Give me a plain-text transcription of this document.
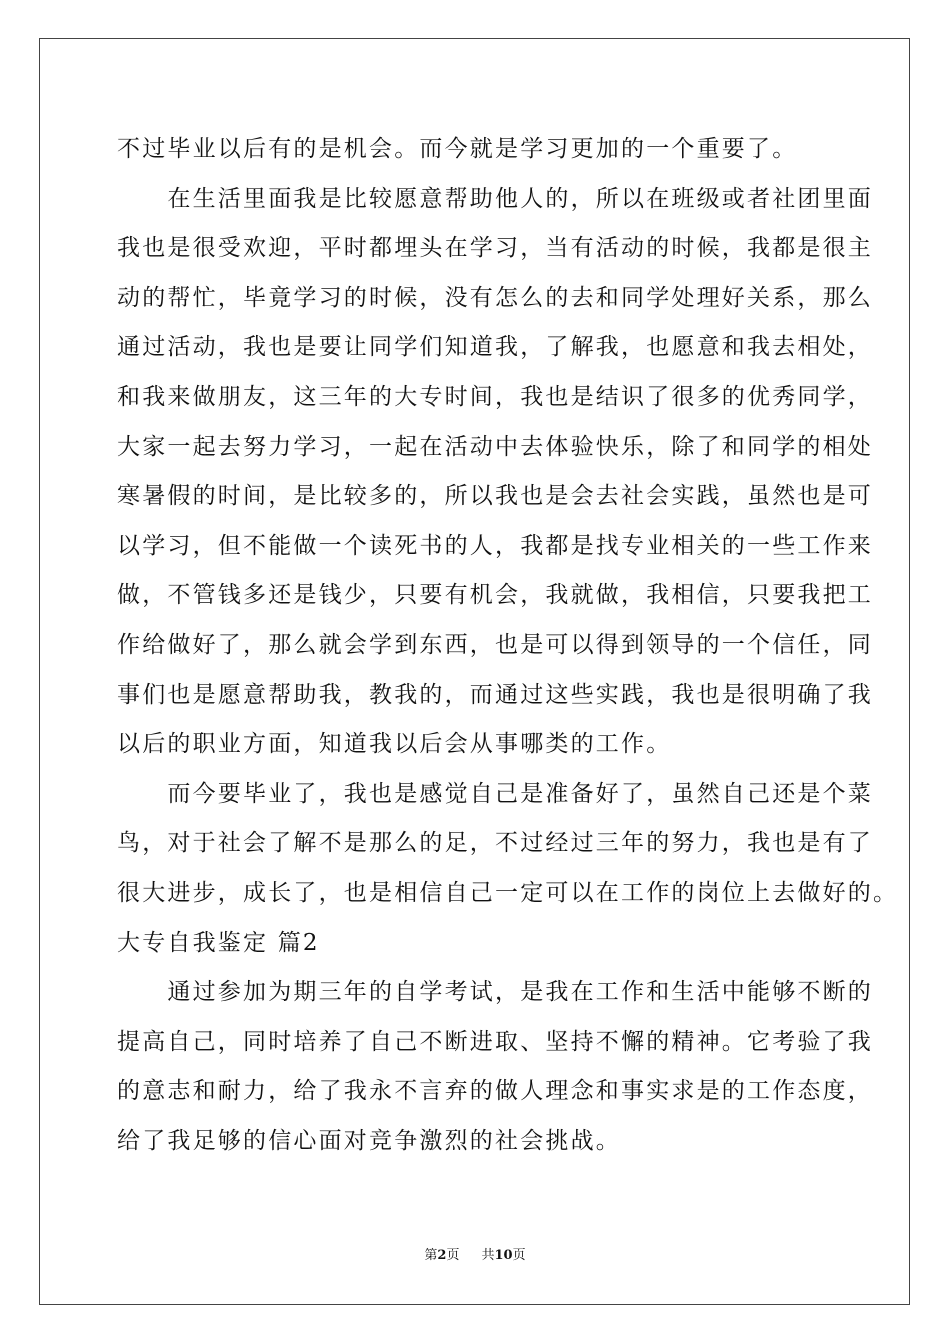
不过毕业以后有的是机会。而今就是学习更加的一个重要了。
　　在生活里面我是比较愿意帮助他人的，所以在班级或者社团里面
我也是很受欢迎，平时都埋头在学习，当有活动的时候，我都是很主
动的帮忙，毕竟学习的时候，没有怎么的去和同学处理好关系，那么
通过活动，我也是要让同学们知道我，了解我，也愿意和我去相处，
和我来做朋友，这三年的大专时间，我也是结识了很多的优秀同学，
大家一起去努力学习，一起在活动中去体验快乐，除了和同学的相处
寒暑假的时间，是比较多的，所以我也是会去社会实践，虽然也是可
以学习，但不能做一个读死书的人，我都是找专业相关的一些工作来
做，不管钱多还是钱少，只要有机会，我就做，我相信，只要我把工
作给做好了，那么就会学到东西，也是可以得到领导的一个信任，同
事们也是愿意帮助我，教我的，而通过这些实践，我也是很明确了我
以后的职业方面，知道我以后会从事哪类的工作。
　　而今要毕业了，我也是感觉自己是准备好了，虽然自己还是个菜
鸟，对于社会了解不是那么的足，不过经过三年的努力，我也是有了
很大进步，成长了，也是相信自己一定可以在工作的岗位上去做好的。
大专自我鉴定 篇2
　　通过参加为期三年的自学考试，是我在工作和生活中能够不断的
提高自己，同时培养了自己不断进取、坚持不懈的精神。它考验了我
的意志和耐力，给了我永不言弃的做人理念和事实求是的工作态度，
给了我足够的信心面对竞争激烈的社会挑战。
第2页 共10页
